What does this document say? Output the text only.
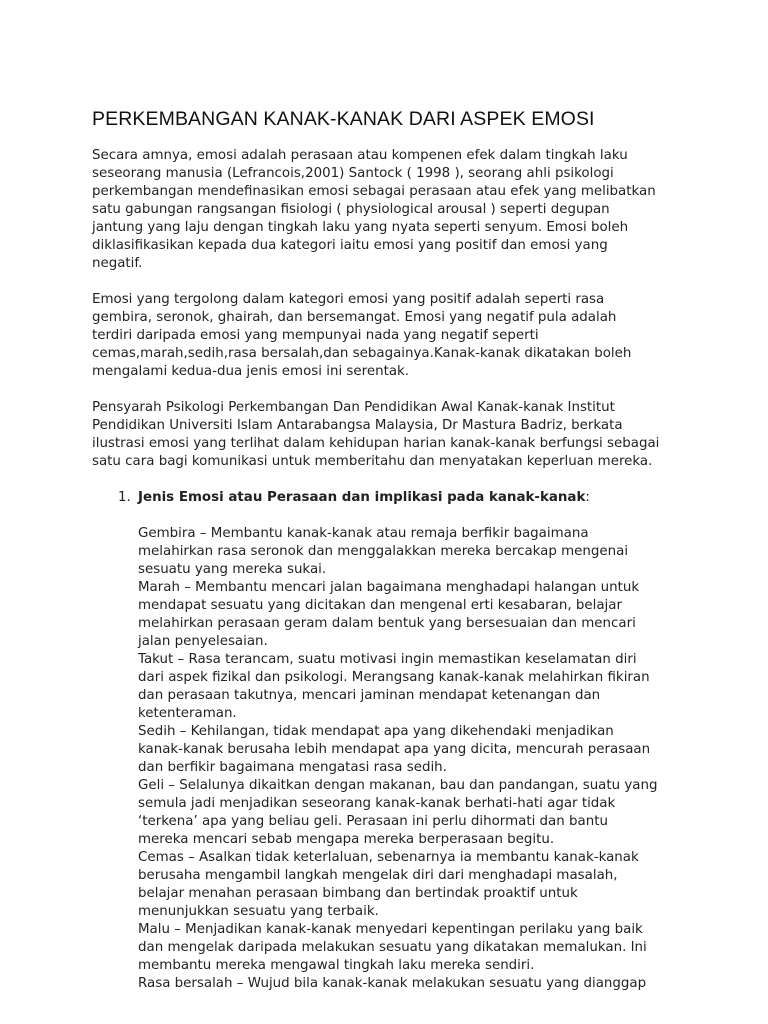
PERKEMBANGAN KANAK-KANAK DARI ASPEK EMOSI
Secara amnya, emosi adalah perasaan atau kompenen efek dalam tingkah laku
seseorang manusia (Lefrancois,2001) Santock ( 1998 ), seorang ahli psikologi
perkembangan mendefinasikan emosi sebagai perasaan atau efek yang melibatkan
satu gabungan rangsangan fisiologi ( physiological arousal ) seperti degupan
jantung yang laju dengan tingkah laku yang nyata seperti senyum. Emosi boleh
diklasifikasikan kepada dua kategori iaitu emosi yang positif dan emosi yang
negatif.
Emosi yang tergolong dalam kategori emosi yang positif adalah seperti rasa
gembira, seronok, ghairah, dan bersemangat. Emosi yang negatif pula adalah
terdiri daripada emosi yang mempunyai nada yang negatif seperti
cemas,marah,sedih,rasa bersalah,dan sebagainya.Kanak-kanak dikatakan boleh
mengalami kedua-dua jenis emosi ini serentak.
Pensyarah Psikologi Perkembangan Dan Pendidikan Awal Kanak-kanak Institut
Pendidikan Universiti Islam Antarabangsa Malaysia, Dr Mastura Badriz, berkata
ilustrasi emosi yang terlihat dalam kehidupan harian kanak-kanak berfungsi sebagai
satu cara bagi komunikasi untuk memberitahu dan menyatakan keperluan mereka.
1. Jenis Emosi atau Perasaan dan implikasi pada kanak-kanak:
Gembira – Membantu kanak-kanak atau remaja berfikir bagaimana
melahirkan rasa seronok dan menggalakkan mereka bercakap mengenai
sesuatu yang mereka sukai.
Marah – Membantu mencari jalan bagaimana menghadapi halangan untuk
mendapat sesuatu yang dicitakan dan mengenal erti kesabaran, belajar
melahirkan perasaan geram dalam bentuk yang bersesuaian dan mencari
jalan penyelesaian.
Takut – Rasa terancam, suatu motivasi ingin memastikan keselamatan diri
dari aspek fizikal dan psikologi. Merangsang kanak-kanak melahirkan fikiran
dan perasaan takutnya, mencari jaminan mendapat ketenangan dan
ketenteraman.
Sedih – Kehilangan, tidak mendapat apa yang dikehendaki menjadikan
kanak-kanak berusaha lebih mendapat apa yang dicita, mencurah perasaan
dan berfikir bagaimana mengatasi rasa sedih.
Geli – Selalunya dikaitkan dengan makanan, bau dan pandangan, suatu yang
semula jadi menjadikan seseorang kanak-kanak berhati-hati agar tidak
‘terkena’ apa yang beliau geli. Perasaan ini perlu dihormati dan bantu
mereka mencari sebab mengapa mereka berperasaan begitu.
Cemas – Asalkan tidak keterlaluan, sebenarnya ia membantu kanak-kanak
berusaha mengambil langkah mengelak diri dari menghadapi masalah,
belajar menahan perasaan bimbang dan bertindak proaktif untuk
menunjukkan sesuatu yang terbaik.
Malu – Menjadikan kanak-kanak menyedari kepentingan perilaku yang baik
dan mengelak daripada melakukan sesuatu yang dikatakan memalukan. Ini
membantu mereka mengawal tingkah laku mereka sendiri.
Rasa bersalah – Wujud bila kanak-kanak melakukan sesuatu yang dianggap
